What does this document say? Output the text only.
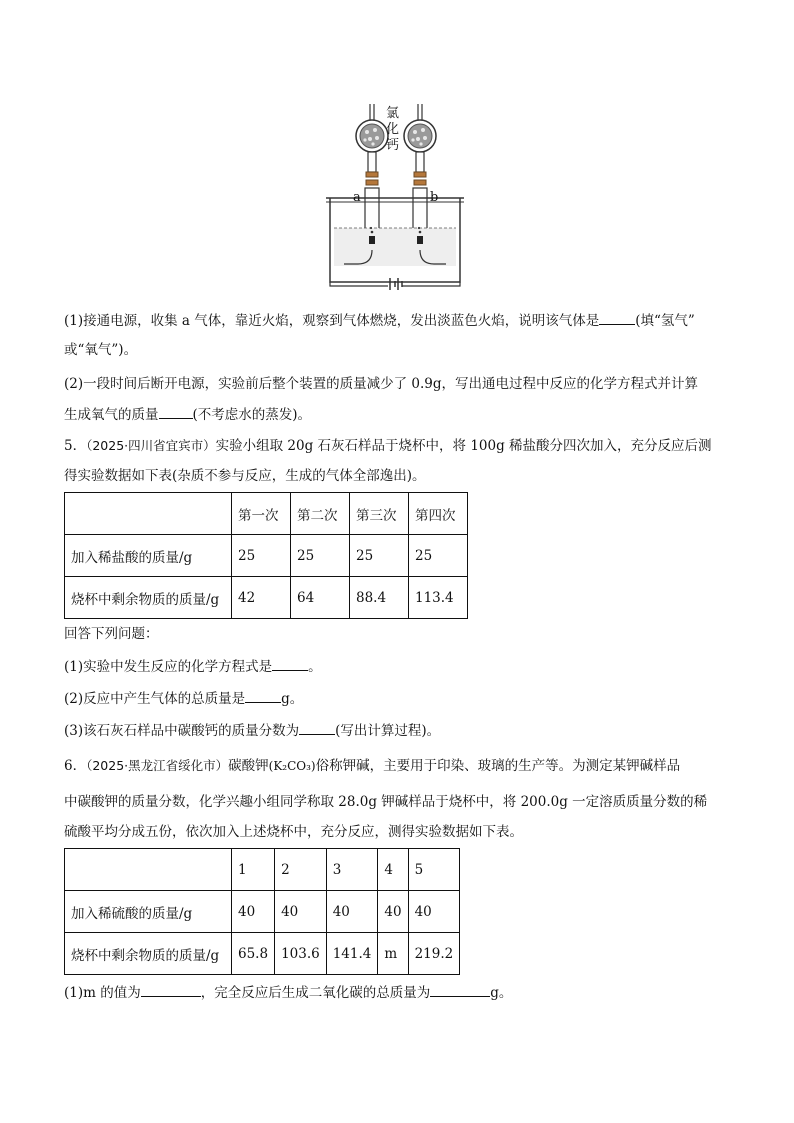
氯
化
钙
a	b
(1)接通电源，收集 a 气体，靠近火焰，观察到气体燃烧，发出淡蓝色火焰，说明该气体是	(填“氢气”
或“氧气”)。
(2)一段时间后断开电源，实验前后整个装置的质量减少了 0.9g，写出通电过程中反应的化学方程式并计算
生成氧气的质量	(不考虑水的蒸发)。
5．（2025·四川省宜宾市）实验小组取 20g 石灰石样品于烧杯中，将 100g 稀盐酸分四次加入，充分反应后测
得实验数据如下表(杂质不参与反应，生成的气体全部逸出)。
	第一次	第二次	第三次	第四次
加入稀盐酸的质量/g	25	25	25	25
烧杯中剩余物质的质量/g	42	64	88.4	113.4
回答下列问题：
(1)实验中发生反应的化学方程式是	。
(2)反应中产生气体的总质量是	g。
(3)该石灰石样品中碳酸钙的质量分数为	(写出计算过程)。
6．（2025·黑龙江省绥化市）碳酸钾(K₂CO₃)俗称钾碱，主要用于印染、玻璃的生产等。为测定某钾碱样品
中碳酸钾的质量分数，化学兴趣小组同学称取 28.0g 钾碱样品于烧杯中，将 200.0g 一定溶质质量分数的稀
硫酸平均分成五份，依次加入上述烧杯中，充分反应，测得实验数据如下表。
	1	2	3	4	5
加入稀硫酸的质量/g	40	40	40	40	40
烧杯中剩余物质的质量/g	65.8	103.6	141.4	m	219.2
(1)m 的值为	，完全反应后生成二氧化碳的总质量为	g。
